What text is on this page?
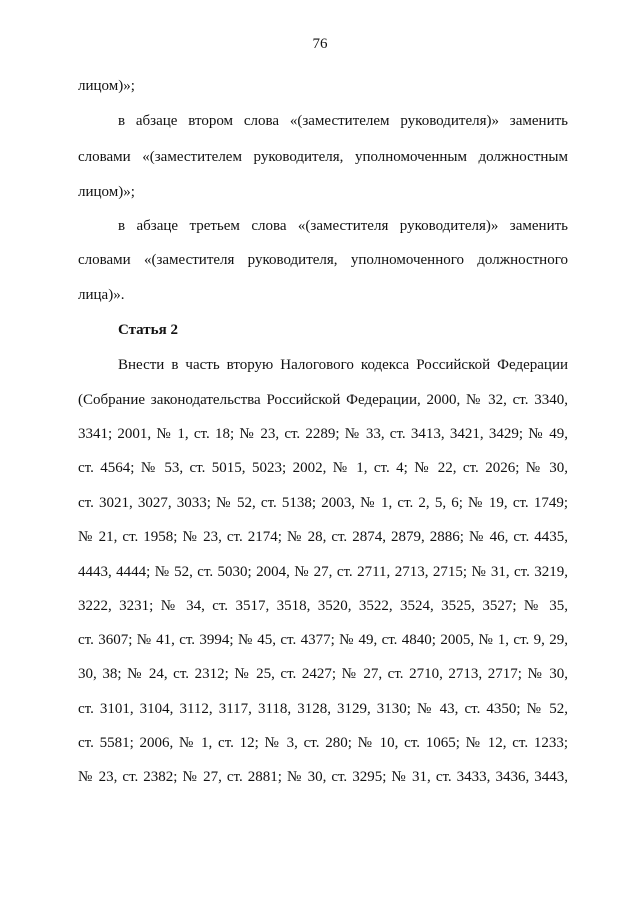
76
лицом)»;
в абзаце втором слова «(заместителем руководителя)» заменить
словами «(заместителем руководителя, уполномоченным должностным
лицом)»;
в абзаце третьем слова «(заместителя руководителя)» заменить
словами «(заместителя руководителя, уполномоченного должностного
лица)».
Статья 2
Внести в часть вторую Налогового кодекса Российской Федерации
(Собрание законодательства Российской Федерации, 2000, № 32, ст. 3340,
3341; 2001, № 1, ст. 18; № 23, ст. 2289; № 33, ст. 3413, 3421, 3429; № 49,
ст. 4564; № 53, ст. 5015, 5023; 2002, № 1, ст. 4; № 22, ст. 2026; № 30,
ст. 3021, 3027, 3033; № 52, ст. 5138; 2003, № 1, ст. 2, 5, 6; № 19, ст. 1749;
№ 21, ст. 1958; № 23, ст. 2174; № 28, ст. 2874, 2879, 2886; № 46, ст. 4435,
4443, 4444; № 52, ст. 5030; 2004, № 27, ст. 2711, 2713, 2715; № 31, ст. 3219,
3222, 3231; № 34, ст. 3517, 3518, 3520, 3522, 3524, 3525, 3527; № 35,
ст. 3607; № 41, ст. 3994; № 45, ст. 4377; № 49, ст. 4840; 2005, № 1, ст. 9, 29,
30, 38; № 24, ст. 2312; № 25, ст. 2427; № 27, ст. 2710, 2713, 2717; № 30,
ст. 3101, 3104, 3112, 3117, 3118, 3128, 3129, 3130; № 43, ст. 4350; № 52,
ст. 5581; 2006, № 1, ст. 12; № 3, ст. 280; № 10, ст. 1065; № 12, ст. 1233;
№ 23, ст. 2382; № 27, ст. 2881; № 30, ст. 3295; № 31, ст. 3433, 3436, 3443,
